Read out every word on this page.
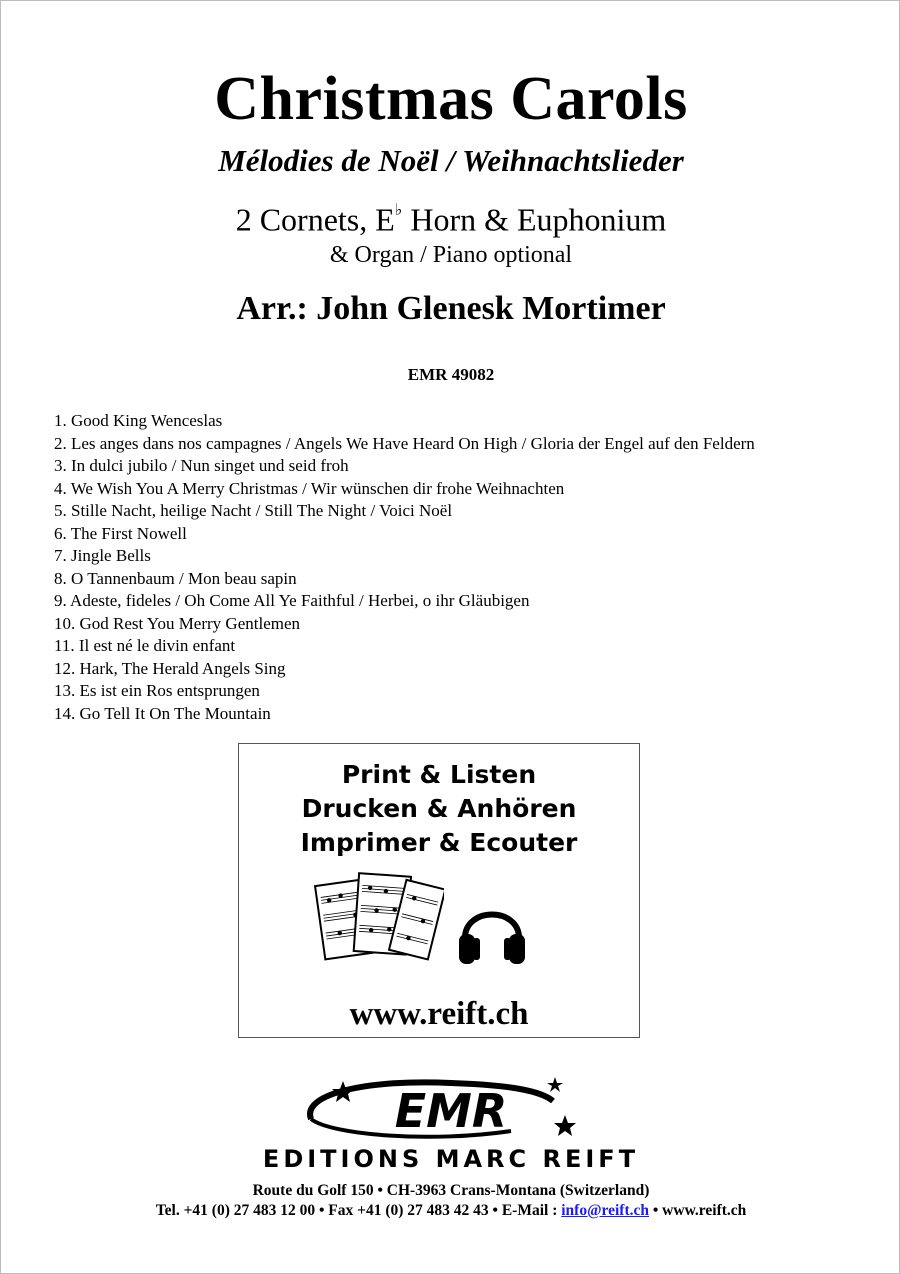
Christmas Carols
Mélodies de Noël / Weihnachtslieder
2 Cornets, E♭ Horn & Euphonium
& Organ / Piano optional
Arr.: John Glenesk Mortimer
EMR 49082
1. Good King Wenceslas
2. Les anges dans nos campagnes / Angels We Have Heard On High / Gloria der Engel auf den Feldern
3. In dulci jubilo / Nun singet und seid froh
4. We Wish You A Merry Christmas / Wir wünschen dir frohe Weihnachten
5. Stille Nacht, heilige Nacht / Still The Night / Voici Noël
6. The First Nowell
7. Jingle Bells
8. O Tannenbaum / Mon beau sapin
9. Adeste, fideles / Oh Come All Ye Faithful / Herbei, o ihr Gläubigen
10. God Rest You Merry Gentlemen
11. Il est né le divin enfant
12. Hark, The Herald Angels Sing
13. Es ist ein Ros entsprungen
14. Go Tell It On The Mountain
Print & Listen
Drucken & Anhören
Imprimer & Ecouter
www.reift.ch
EMR
EDITIONS MARC REIFT
Route du Golf 150 • CH-3963 Crans-Montana (Switzerland)
Tel. +41 (0) 27 483 12 00 • Fax +41 (0) 27 483 42 43 • E-Mail : info@reift.ch • www.reift.ch
